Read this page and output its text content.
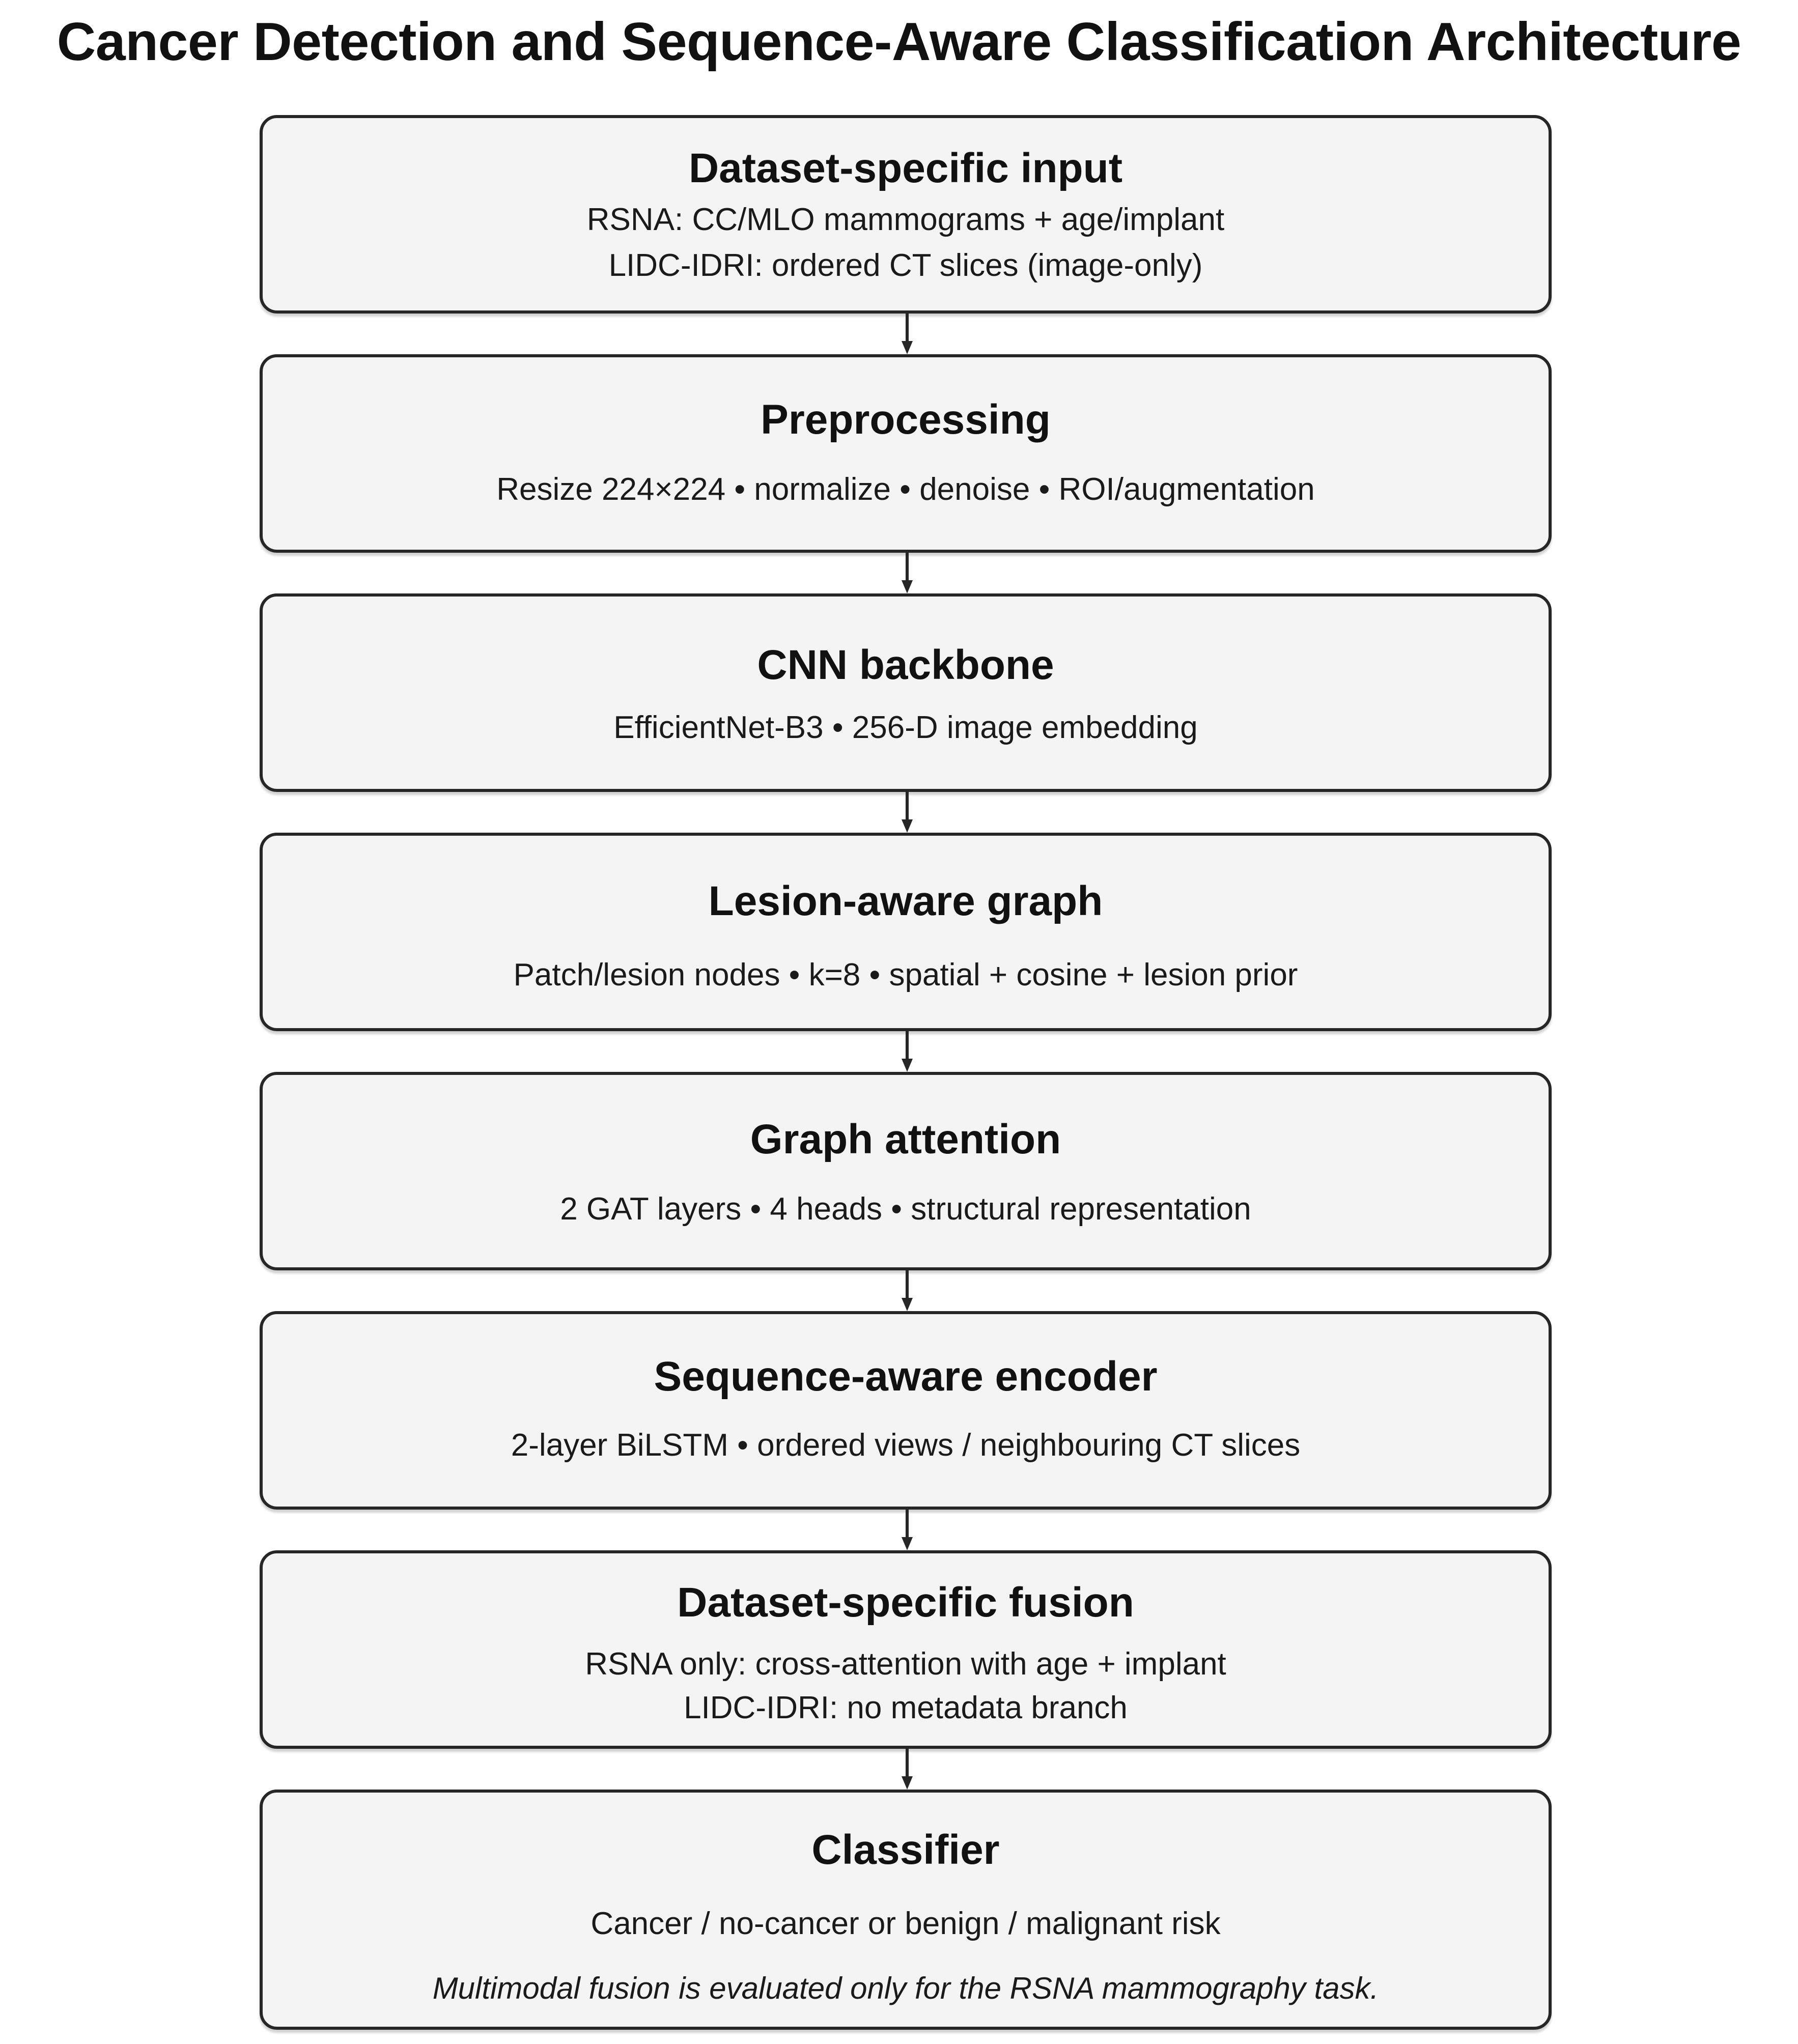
Cancer Detection and Sequence-Aware Classification Architecture
Dataset-specific input
RSNA: CC/MLO mammograms + age/implant
LIDC-IDRI: ordered CT slices (image-only)
Preprocessing
Resize 224×224 • normalize • denoise • ROI/augmentation
CNN backbone
EfficientNet-B3 • 256-D image embedding
Lesion-aware graph
Patch/lesion nodes • k=8 • spatial + cosine + lesion prior
Graph attention
2 GAT layers • 4 heads • structural representation
Sequence-aware encoder
2-layer BiLSTM • ordered views / neighbouring CT slices
Dataset-specific fusion
RSNA only: cross-attention with age + implant
LIDC-IDRI: no metadata branch
Classifier
Cancer / no-cancer or benign / malignant risk
Multimodal fusion is evaluated only for the RSNA mammography task.
